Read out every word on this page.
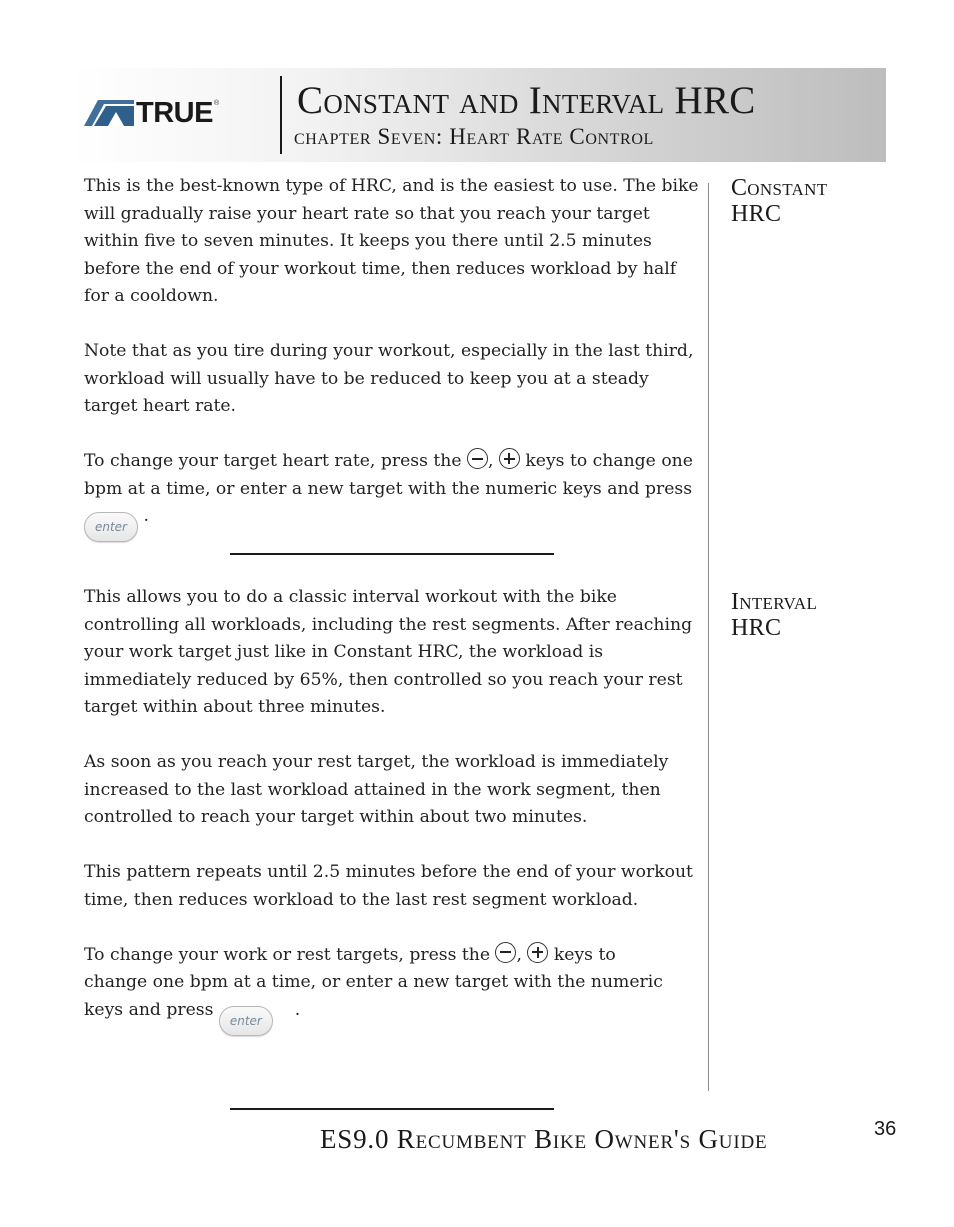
TRUE ® Constant and Interval HRC
chapter Seven: Heart Rate Control
Constant
HRC

This is the best-known type of HRC, and is the easiest to use. The bike will gradually raise your heart rate so that you reach your target within five to seven minutes. It keeps you there until 2.5 minutes before the end of your workout time, then reduces workload by half for a cooldown.

Note that as you tire during your workout, especially in the last third, workload will usually have to be reduced to keep you at a steady target heart rate.

To change your target heart rate, press the ,  keys to change one bpm at a time, or enter a new target with the numeric keys and press enter .

Interval
HRC

This allows you to do a classic interval workout with the bike controlling all workloads, including the rest segments. After reaching your work target just like in Constant HRC, the workload is immediately reduced by 65%, then controlled so you reach your rest target within about three minutes.

As soon as you reach your rest target, the workload is immediately increased to the last workload attained in the work segment, then controlled to reach your target within about two minutes.

This pattern repeats until 2.5 minutes before the end of your workout time, then reduces workload to the last rest segment workload.

To change your work or rest targets, press the ,  keys to change one bpm at a time, or enter a new target with the numeric keys and press enter    .

ES9.0 Recumbent Bike Owner's Guide	36
